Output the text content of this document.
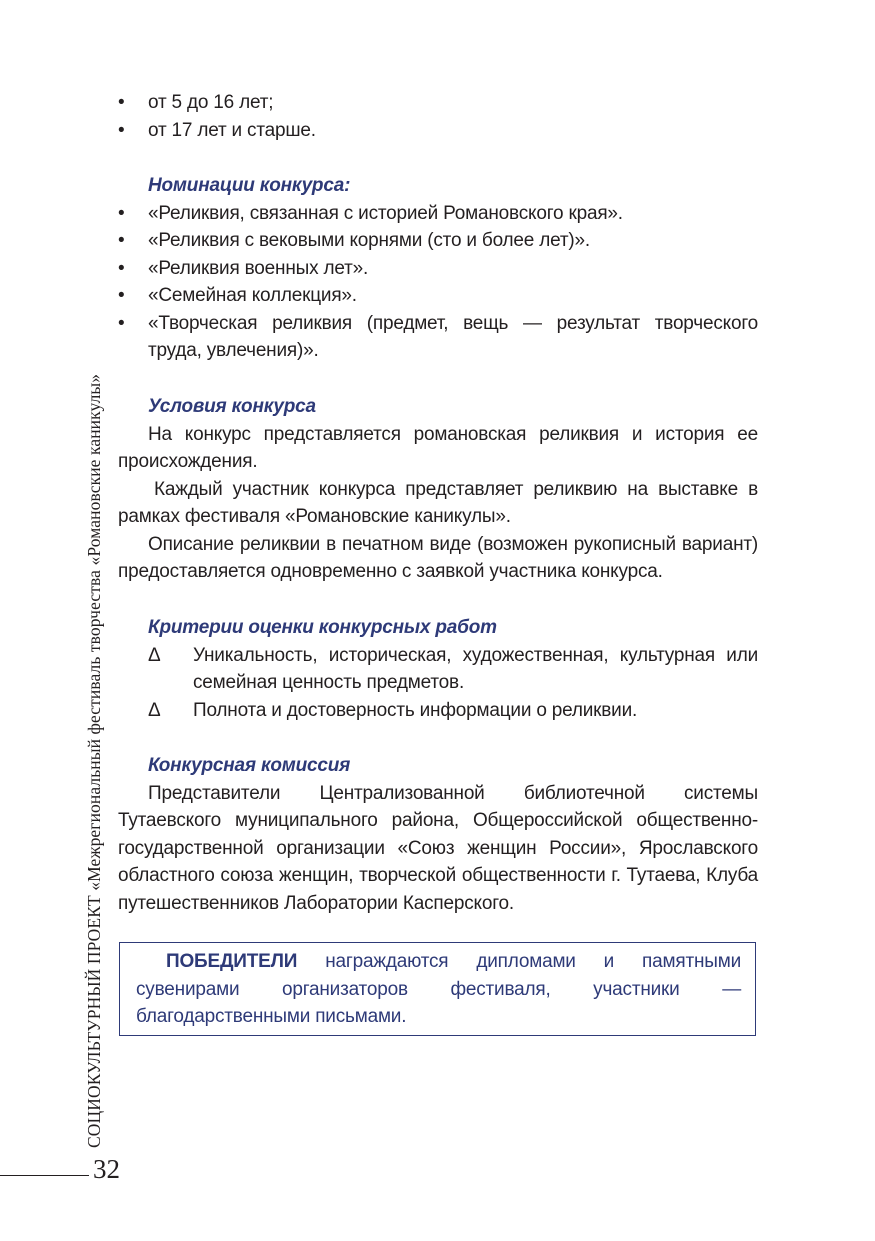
• от 5 до 16 лет;
• от 17 лет и старше.
Номинации конкурса:
• «Реликвия, связанная с историей Романовского края».
• «Реликвия с вековыми корнями (сто и более лет)».
• «Реликвия военных лет».
• «Семейная коллекция».
• «Творческая реликвия (предмет, вещь — результат творческого труда, увлечения)».
Условия конкурса
На конкурс представляется романовская реликвия и история ее происхождения.
Каждый участник конкурса представляет реликвию на выставке в рамках фестиваля «Романовские каникулы».
Описание реликвии в печатном виде (возможен рукописный вариант) предоставляется одновременно с заявкой участника конкурса.
Критерии оценки конкурсных работ
Δ Уникальность, историческая, художественная, культурная или семейная ценность предметов.
Δ Полнота и достоверность информации о реликвии.
Конкурсная комиссия
Представители Централизованной библиотечной системы Тутаевского муниципального района, Общероссийской общественно-государственной организации «Союз женщин России», Ярославского областного союза женщин, творческой общественности г. Тутаева, Клуба путешественников Лаборатории Касперского.
ПОБЕДИТЕЛИ награждаются дипломами и памятными сувенирами организаторов фестиваля, участники — благодарственными письмами.
СОЦИОКУЛЬТУРНЫЙ ПРОЕКТ «Межрегиональный фестиваль творчества «Романовские каникулы»
32
